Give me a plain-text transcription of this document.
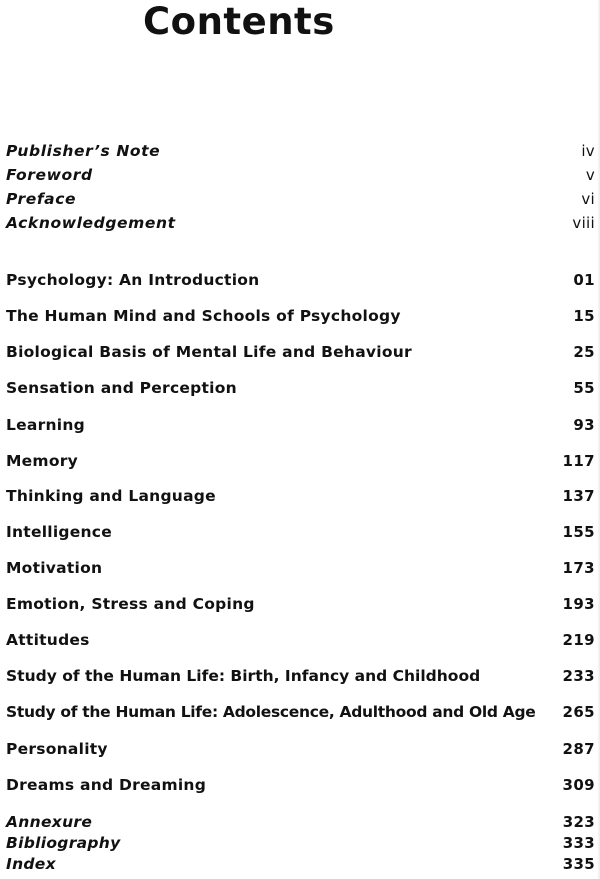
Contents
Publisher’s Note	iv
Foreword	v
Preface	vi
Acknowledgement	viii
Psychology: An Introduction	01
The Human Mind and Schools of Psychology	15
Biological Basis of Mental Life and Behaviour	25
Sensation and Perception	55
Learning	93
Memory	117
Thinking and Language	137
Intelligence	155
Motivation	173
Emotion, Stress and Coping	193
Attitudes	219
Study of the Human Life: Birth, Infancy and Childhood	233
Study of the Human Life: Adolescence, Adulthood and Old Age 265
Personality	287
Dreams and Dreaming	309
Annexure	323
Bibliography	333
Index	335
